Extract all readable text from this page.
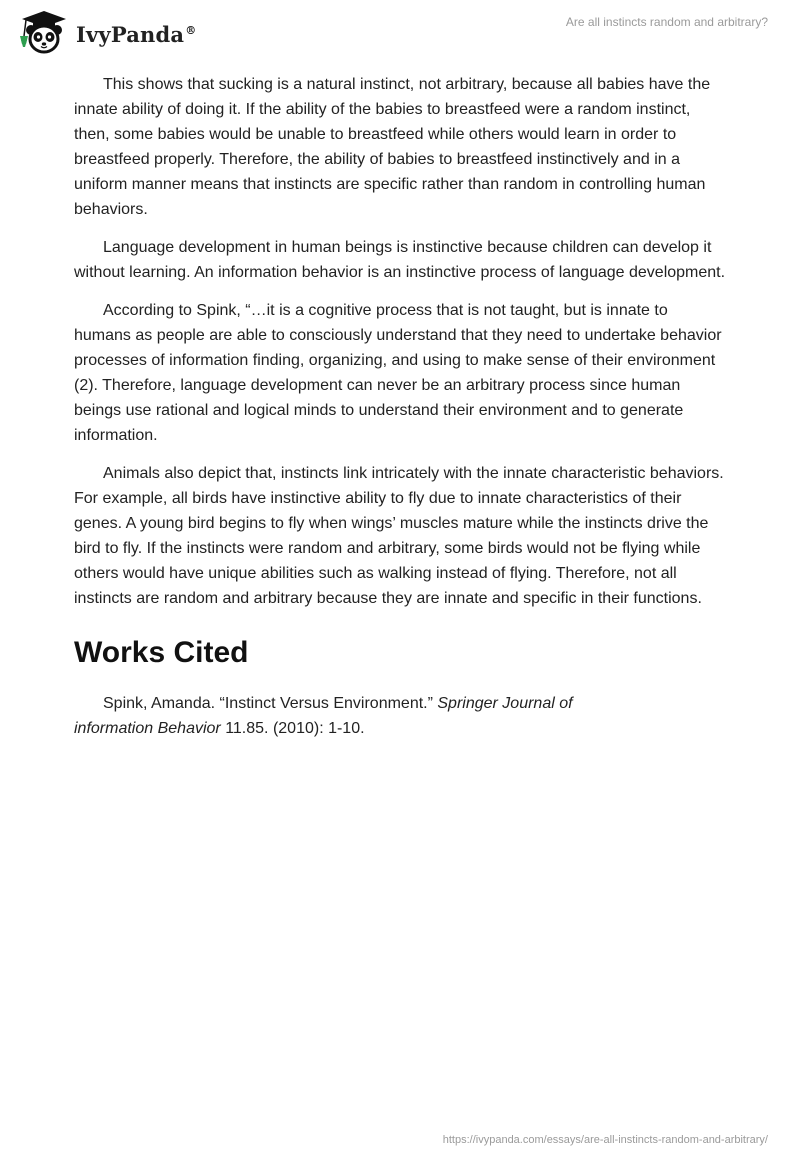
IvyPanda®
Are all instincts random and arbitrary?

This shows that sucking is a natural instinct, not arbitrary, because all babies have the innate ability of doing it. If the ability of the babies to breastfeed were a random instinct, then, some babies would be unable to breastfeed while others would learn in order to breastfeed properly. Therefore, the ability of babies to breastfeed instinctively and in a uniform manner means that instincts are specific rather than random in controlling human behaviors.

Language development in human beings is instinctive because children can develop it without learning. An information behavior is an instinctive process of language development.

According to Spink, “…it is a cognitive process that is not taught, but is innate to humans as people are able to consciously understand that they need to undertake behavior processes of information finding, organizing, and using to make sense of their environment (2). Therefore, language development can never be an arbitrary process since human beings use rational and logical minds to understand their environment and to generate information.

Animals also depict that, instincts link intricately with the innate characteristic behaviors. For example, all birds have instinctive ability to fly due to innate characteristics of their genes. A young bird begins to fly when wings’ muscles mature while the instincts drive the bird to fly. If the instincts were random and arbitrary, some birds would not be flying while others would have unique abilities such as walking instead of flying. Therefore, not all instincts are random and arbitrary because they are innate and specific in their functions.

Works Cited

Spink, Amanda. “Instinct Versus Environment.” Springer Journal of information Behavior 11.85. (2010): 1-10.

https://ivypanda.com/essays/are-all-instincts-random-and-arbitrary/
